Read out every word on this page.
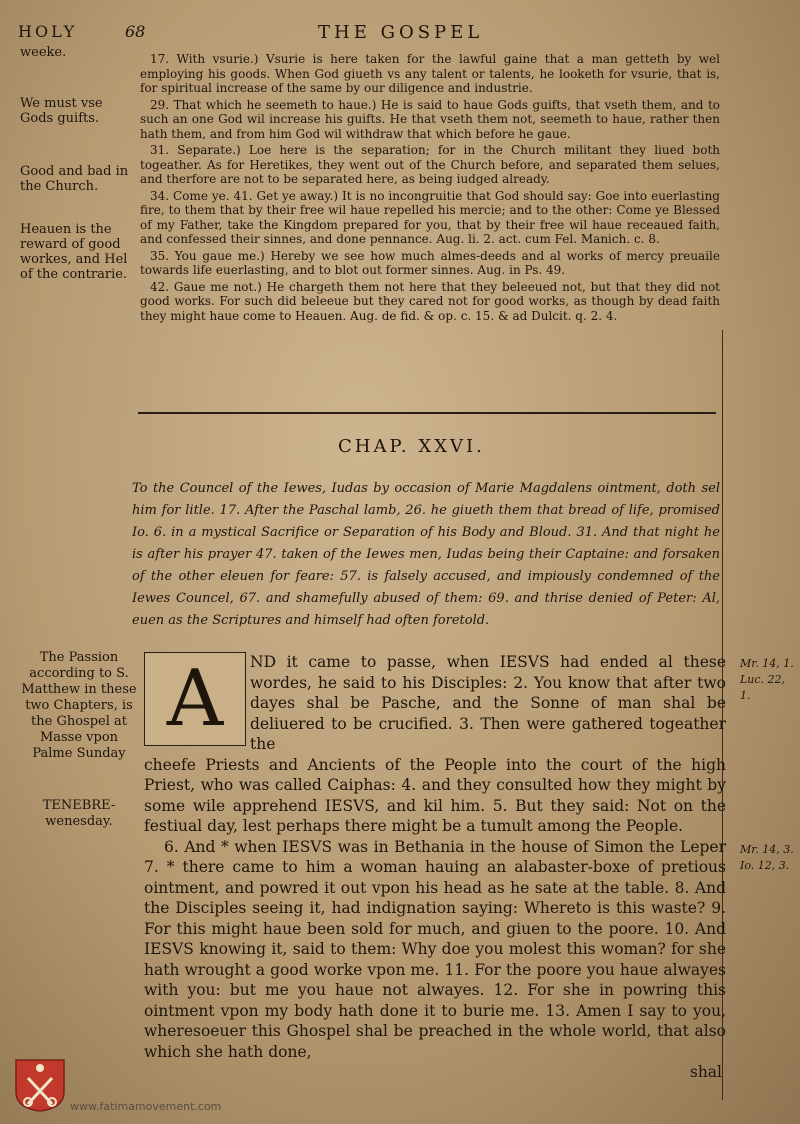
HOLY	68	THE GOSPEL
weeke.
We must vse Gods guifts.
Good and bad in the Church.
Heauen is the reward of good workes, and Hel of the contrarie.

17. With vsurie.) Vsurie is here taken for the lawful gaine that a man getteth by wel employing his goods. When God giueth vs any talent or talents, he looketh for vsurie, that is, for spiritual increase of the same by our diligence and industrie.

29. That which he seemeth to haue.) He is said to haue Gods guifts, that vseth them, and to such an one God wil increase his guifts. He that vseth them not, seemeth to haue, rather then hath them, and from him God wil withdraw that which before he gaue.

31. Separate.) Loe here is the separation; for in the Church militant they liued both togeather. As for Heretikes, they went out of the Church before, and separated them selues, and therfore are not to be separated here, as being iudged already.

34. Come ye. 41. Get ye away.) It is no incongruitie that God should say: Goe into euerlasting fire, to them that by their free wil haue repelled his mercie; and to the other: Come ye Blessed of my Father, take the Kingdom prepared for you, that by their free wil haue receaued faith, and confessed their sinnes, and done pennance. Aug. li. 2. act. cum Fel. Manich. c. 8.

35. You gaue me.) Hereby we see how much almes-deeds and al works of mercy preuaile towards life euerlasting, and to blot out former sinnes. Aug. in Ps. 49.

42. Gaue me not.) He chargeth them not here that they beleeued not, but that they did not good works. For such did beleeue but they cared not for good works, as though by dead faith they might haue come to Heauen. Aug. de fid. & op. c. 15. & ad Dulcit. q. 2. 4.

CHAP. XXVI.
To the Councel of the Iewes, Iudas by occasion of Marie Magdalens ointment, doth sel him for litle. 17. After the Paschal lamb, 26. he giueth them that bread of life, promised Io. 6. in a mystical Sacrifice or Separation of his Body and Bloud. 31. And that night he is after his prayer 47. taken of the Iewes men, Iudas being their Captaine: and forsaken of the other eleuen for feare: 57. is falsely accused, and impiously condemned of the Iewes Councel, 67. and shamefully abused of them: 69. and thrise denied of Peter: Al, euen as the Scriptures and himself had often foretold.
The Passion according to S. Matthew in these two Chapters, is the Ghospel at Masse vpon Palme Sunday
TENEBRE-wenesday.
Mr. 14, 1. Luc. 22, 1.
Mr. 14, 3. Io. 12, 3.
A	ND it came to passe, when IESVS had ended al these wordes, he said to his Disciples: 2. You know that after two dayes shal be Pasche, and the Sonne of man shal be deliuered to be crucified. 3. Then were gathered togeather the

cheefe Priests and Ancients of the People into the court of the high Priest, who was called Caiphas: 4. and they consulted how they might by some wile apprehend IESVS, and kil him. 5. But they said: Not on the festiual day, lest perhaps there might be a tumult among the People.

6. And * when IESVS was in Bethania in the house of Simon the Leper 7. * there came to him a woman hauing an alabaster-boxe of pretious ointment, and powred it out vpon his head as he sate at the table. 8. And the Disciples seeing it, had indignation saying: Whereto is this waste? 9. For this might haue been sold for much, and giuen to the poore. 10. And IESVS knowing it, said to them: Why doe you molest this woman? for she hath wrought a good worke vpon me. 11. For the poore you haue alwayes with you: but me you haue not alwayes. 12. For she in powring this ointment vpon my body hath done it to burie me. 13. Amen I say to you, wheresoeuer this Ghospel shal be preached in the whole world, that also which she hath done,

shal

www.fatimamovement.com
